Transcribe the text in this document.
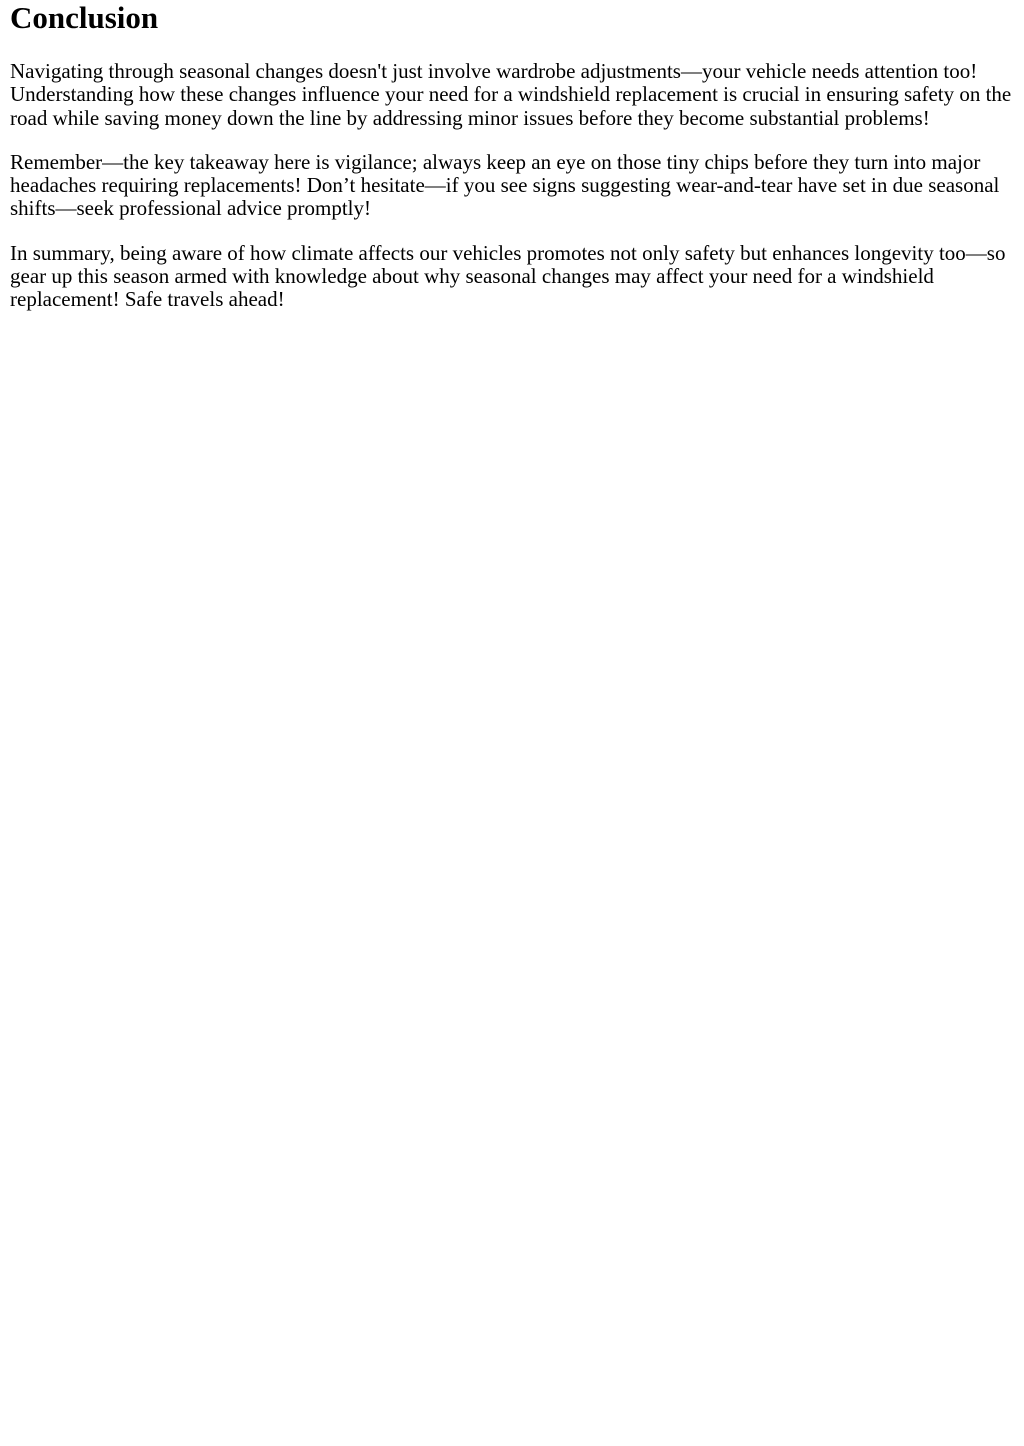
Conclusion

Navigating through seasonal changes doesn't just involve wardrobe adjustments—your vehicle needs attention too! Understanding how these changes influence your need for a windshield replacement is crucial in ensuring safety on the road while saving money down the line by addressing minor issues before they become substantial problems!

Remember—the key takeaway here is vigilance; always keep an eye on those tiny chips before they turn into major headaches requiring replacements! Don’t hesitate—if you see signs suggesting wear-and-tear have set in due seasonal shifts—seek professional advice promptly!

In summary, being aware of how climate affects our vehicles promotes not only safety but enhances longevity too—so gear up this season armed with knowledge about why seasonal changes may affect your need for a windshield replacement! Safe travels ahead!
